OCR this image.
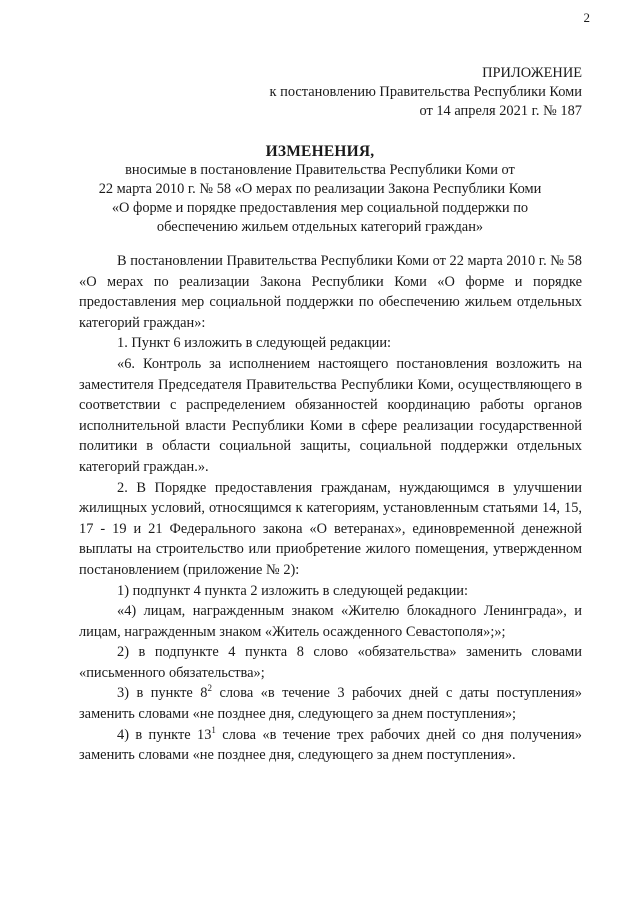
2
ПРИЛОЖЕНИЕ
к постановлению Правительства Республики Коми
от 14 апреля 2021 г. № 187
ИЗМЕНЕНИЯ,
вносимые в постановление Правительства Республики Коми от
22 марта 2010 г. № 58 «О мерах по реализации Закона Республики Коми
«О форме и порядке предоставления мер социальной поддержки по
обеспечению жильем отдельных категорий граждан»

В постановлении Правительства Республики Коми от 22 марта 2010 г. № 58 «О мерах по реализации Закона Республики Коми «О форме и порядке предоставления мер социальной поддержки по обеспечению жильем отдельных категорий граждан»:

1. Пункт 6 изложить в следующей редакции:

«6. Контроль за исполнением настоящего постановления возложить на заместителя Председателя Правительства Республики Коми, осуществляющего в соответствии с распределением обязанностей координацию работы органов исполнительной власти Республики Коми в сфере реализации государственной политики в области социальной защиты, социальной поддержки отдельных категорий граждан.».

2. В Порядке предоставления гражданам, нуждающимся в улучшении жилищных условий, относящимся к категориям, установленным статьями 14, 15, 17 - 19 и 21 Федерального закона «О ветеранах», единовременной денежной выплаты на строительство или приобретение жилого помещения, утвержденном постановлением (приложение № 2):

1) подпункт 4 пункта 2 изложить в следующей редакции:

«4) лицам, награжденным знаком «Жителю блокадного Ленинграда», и лицам, награжденным знаком «Житель осажденного Севастополя»;»;

2) в подпункте 4 пункта 8 слово «обязательства» заменить словами «письменного обязательства»;

3) в пункте $8^2$ слова «в течение 3 рабочих дней с даты поступления» заменить словами «не позднее дня, следующего за днем поступления»;

4) в пункте $13^1$ слова «в течение трех рабочих дней со дня получения» заменить словами «не позднее дня, следующего за днем поступления».
